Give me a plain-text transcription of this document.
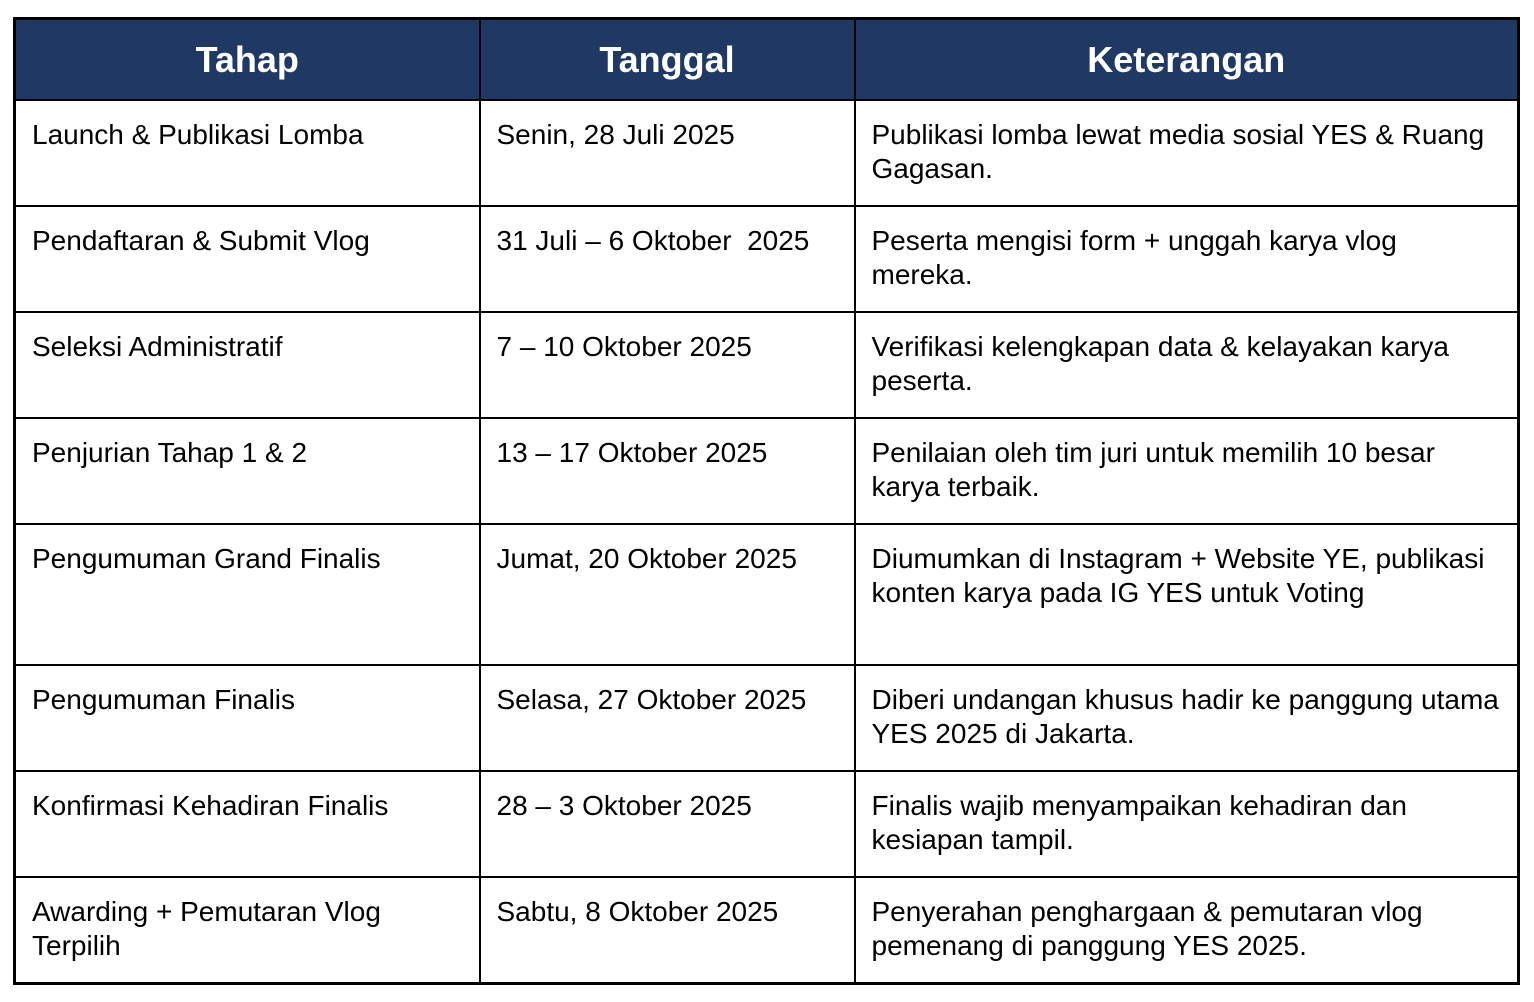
Tahap	Tanggal	Keterangan
Launch & Publikasi Lomba	Senin, 28 Juli 2025	Publikasi lomba lewat media sosial YES & Ruang Gagasan.
Pendaftaran & Submit Vlog	31 Juli – 6 Oktober  2025	Peserta mengisi form + unggah karya vlog mereka.
Seleksi Administratif	7 – 10 Oktober 2025	Verifikasi kelengkapan data & kelayakan karya peserta.
Penjurian Tahap 1 & 2	13 – 17 Oktober 2025	Penilaian oleh tim juri untuk memilih 10 besar karya terbaik.
Pengumuman Grand Finalis	Jumat, 20 Oktober 2025	Diumumkan di Instagram + Website YE, publikasi konten karya pada IG YES untuk Voting
Pengumuman Finalis	Selasa, 27 Oktober 2025	Diberi undangan khusus hadir ke panggung utama YES 2025 di Jakarta.
Konfirmasi Kehadiran Finalis	28 – 3 Oktober 2025	Finalis wajib menyampaikan kehadiran dan kesiapan tampil.
Awarding + Pemutaran Vlog Terpilih	Sabtu, 8 Oktober 2025	Penyerahan penghargaan & pemutaran vlog pemenang di panggung YES 2025.
